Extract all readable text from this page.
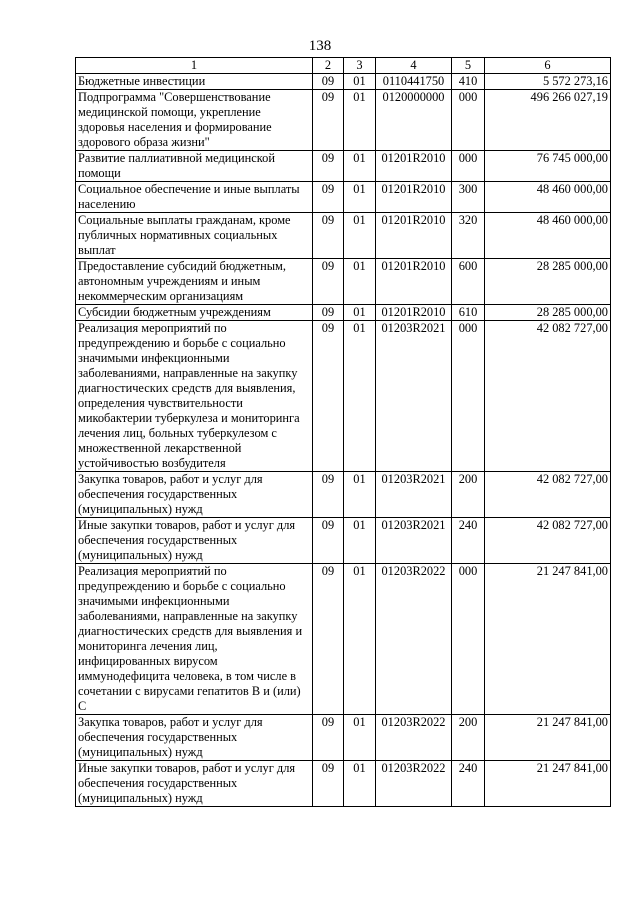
138
1	2	3	4	5	6
Бюджетные инвестиции	09	01	0110441750	410	5 572 273,16
Подпрограмма "Совершенствование медицинской помощи, укрепление здоровья населения и формирование здорового образа жизни"	09	01	0120000000	000	496 266 027,19
Развитие паллиативной медицинской помощи	09	01	01201R2010	000	76 745 000,00
Социальное обеспечение и иные выплаты населению	09	01	01201R2010	300	48 460 000,00
Социальные выплаты гражданам, кроме публичных нормативных социальных выплат	09	01	01201R2010	320	48 460 000,00
Предоставление субсидий бюджетным, автономным учреждениям и иным некоммерческим организациям	09	01	01201R2010	600	28 285 000,00
Субсидии бюджетным учреждениям	09	01	01201R2010	610	28 285 000,00
Реализация мероприятий по предупреждению и борьбе с социально значимыми инфекционными заболеваниями, направленные на закупку диагностических средств для выявления, определения чувствительности микобактерии туберкулеза и мониторинга лечения лиц, больных туберкулезом с множественной лекарственной устойчивостью возбудителя	09	01	01203R2021	000	42 082 727,00
Закупка товаров, работ и услуг для обеспечения государственных (муниципальных) нужд	09	01	01203R2021	200	42 082 727,00
Иные закупки товаров, работ и услуг для обеспечения государственных (муниципальных) нужд	09	01	01203R2021	240	42 082 727,00
Реализация мероприятий по предупреждению и борьбе с социально значимыми инфекционными заболеваниями, направленные на закупку диагностических средств для выявления и мониторинга лечения лиц, инфицированных вирусом иммунодефицита человека, в том числе в сочетании с вирусами гепатитов В и (или) С	09	01	01203R2022	000	21 247 841,00
Закупка товаров, работ и услуг для обеспечения государственных (муниципальных) нужд	09	01	01203R2022	200	21 247 841,00
Иные закупки товаров, работ и услуг для обеспечения государственных (муниципальных) нужд	09	01	01203R2022	240	21 247 841,00
